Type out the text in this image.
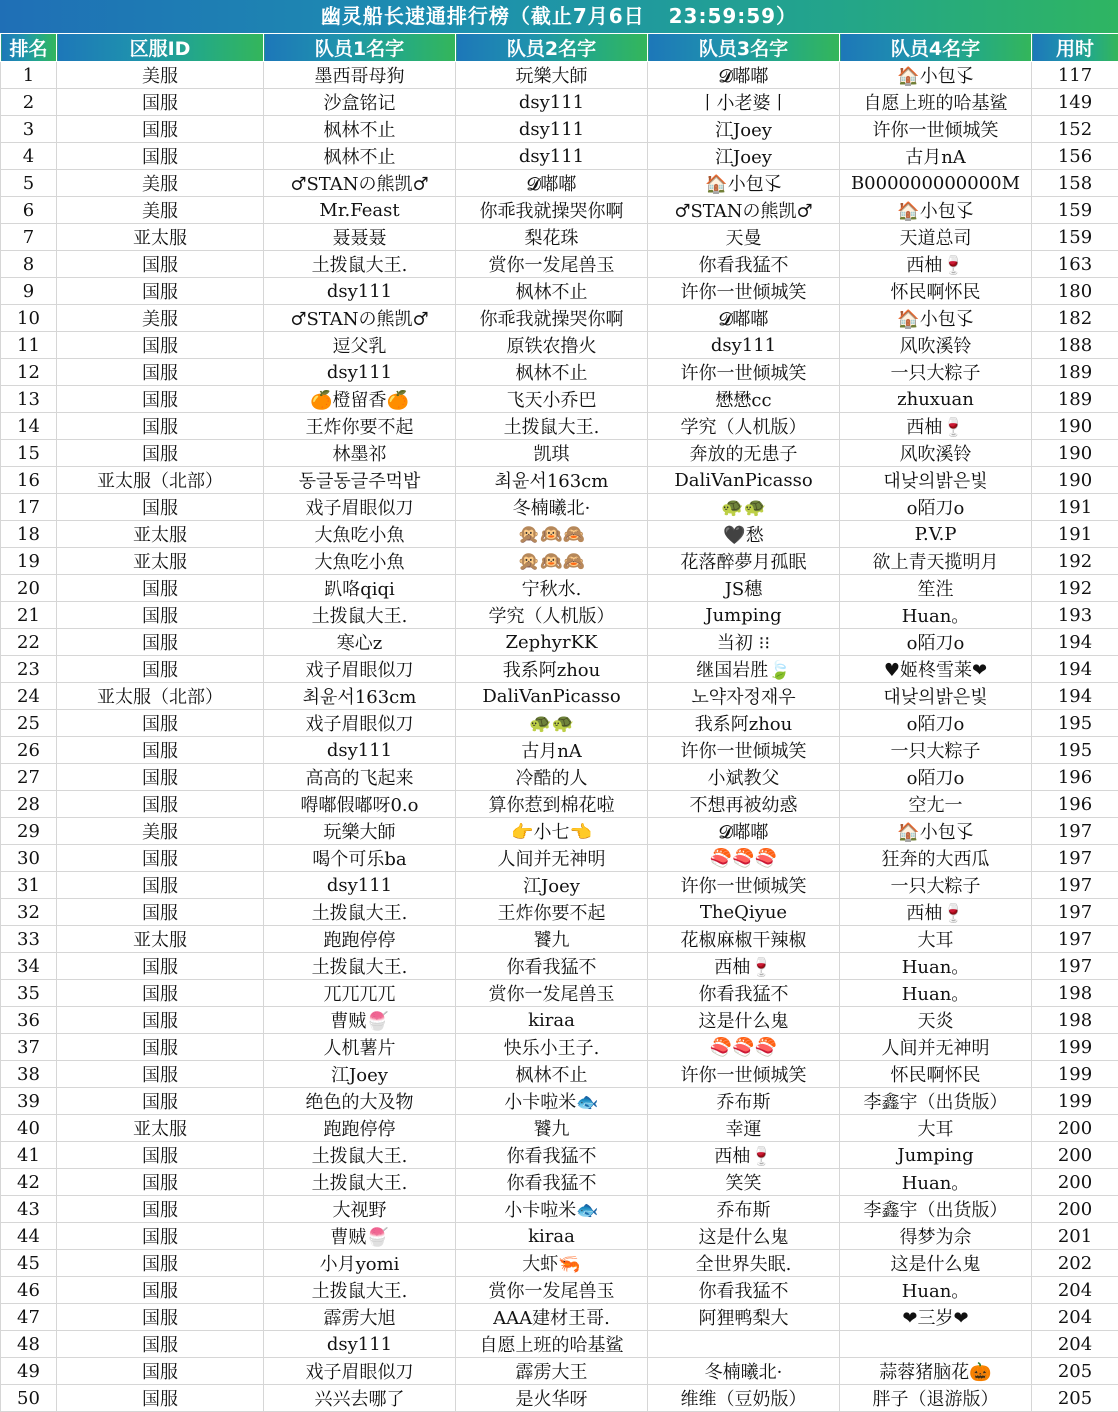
幽灵船长速通排行榜（截止7月6日   23:59:59）
排名	区服ID	队员1名字	队员2名字	队员3名字	队员4名字	用时
1	美服	墨西哥母狗	玩樂大師	𝓓嘟嘟	🏠小包孓	117
2	国服	沙盒铭记	dsy111	丨小老婆丨	自愿上班的哈基鲨	149
3	国服	枫林不止	dsy111	江Joey	许你一世倾城笑	152
4	国服	枫林不止	dsy111	江Joey	古月nA	156
5	美服	♂STANの熊凯♂	𝓓嘟嘟	🏠小包孓	B000000000000M	158
6	美服	Mr.Feast	你乖我就操哭你啊	♂STANの熊凯♂	🏠小包孓	159
7	亚太服	聂聂聂	梨花珠	天曼	天道总司	159
8	国服	土拨鼠大王.	赏你一发尾兽玉	你看我猛不	西柚🍷	163
9	国服	dsy111	枫林不止	许你一世倾城笑	怀民啊怀民	180
10	美服	♂STANの熊凯♂	你乖我就操哭你啊	𝓓嘟嘟	🏠小包孓	182
11	国服	逗父乳	原铁农撸火	dsy111	风吹溪铃	188
12	国服	dsy111	枫林不止	许你一世倾城笑	一只大粽子	189
13	国服	🍊橙留香🍊	飞天小乔巴	懋懋cc	zhuxuan	189
14	国服	王炸你要不起	土拨鼠大王.	学究（人机版）	西柚🍷	190
15	国服	林墨祁	凯琪	奔放的无患子	风吹溪铃	190
16	亚太服（北部）	동글동글주먹밥	최윤서163cm	DaliVanPicasso	대낮의밝은빛	190
17	国服	戏子眉眼似刀	冬楠曦北·	🐢🐢	o陌刀o	191
18	亚太服	大魚吃小魚	🙊🙉🙈	🖤愁	P.V.P	191
19	亚太服	大魚吃小魚	🙊🙉🙈	花落醉夢月孤眠	欲上青天揽明月	192
20	国服	趴咯qiqi	宁秋水.	JS穗	笙泩	192
21	国服	土拨鼠大王.	学究（人机版）	Jumping	Huan。	193
22	国服	寒心z	ZephyrKK	当初 ⁝⁝	o陌刀o	194
23	国服	戏子眉眼似刀	我系阿zhou	继国岩胜🍃	♥姬柊雪莱❤	194
24	亚太服（北部）	최윤서163cm	DaliVanPicasso	노약자정재우	대낮의밝은빛	194
25	国服	戏子眉眼似刀	🐢🐢	我系阿zhou	o陌刀o	195
26	国服	dsy111	古月nA	许你一世倾城笑	一只大粽子	195
27	国服	高高的飞起来	冷酷的人	小斌教父	o陌刀o	196
28	国服	嘚嘟假嘟呀0.o	算你惹到棉花啦	不想再被幼惑	空尢一	196
29	美服	玩樂大師	👉小七👈	𝓓嘟嘟	🏠小包孓	197
30	国服	喝个可乐ba	人间并无神明	🍣🍣🍣	狂奔的大西瓜	197
31	国服	dsy111	江Joey	许你一世倾城笑	一只大粽子	197
32	国服	土拨鼠大王.	王炸你要不起	TheQiyue	西柚🍷	197
33	亚太服	跑跑停停	饕九	花椒麻椒干辣椒	大耳	197
34	国服	土拨鼠大王.	你看我猛不	西柚🍷	Huan。	197
35	国服	兀兀兀兀	赏你一发尾兽玉	你看我猛不	Huan。	198
36	国服	曹贼🍧	kiraa	这是什么鬼	天炎	198
37	国服	人机薯片	快乐小王子.	🍣🍣🍣	人间并无神明	199
38	国服	江Joey	枫林不止	许你一世倾城笑	怀民啊怀民	199
39	国服	绝色的大及物	小卡啦米🐟	乔布斯	李鑫宇（出货版）	199
40	亚太服	跑跑停停	饕九	幸運	大耳	200
41	国服	土拨鼠大王.	你看我猛不	西柚🍷	Jumping	200
42	国服	土拨鼠大王.	你看我猛不	笑笑	Huan。	200
43	国服	大视野	小卡啦米🐟	乔布斯	李鑫宇（出货版）	200
44	国服	曹贼🍧	kiraa	这是什么鬼	得梦为佘	201
45	国服	小月yomi	大虾🦐	全世界失眠.	这是什么鬼	202
46	国服	土拨鼠大王.	赏你一发尾兽玉	你看我猛不	Huan。	204
47	国服	霹雳大旭	AAA建材王哥.	阿狸鸭梨大	❤三岁❤	204
48	国服	dsy111	自愿上班的哈基鲨			204
49	国服	戏子眉眼似刀	霹雳大王	冬楠曦北·	蒜蓉猪脑花🎃	205
50	国服	兴兴去哪了	是火华呀	维维（豆奶版）	胖子（退游版）	205
